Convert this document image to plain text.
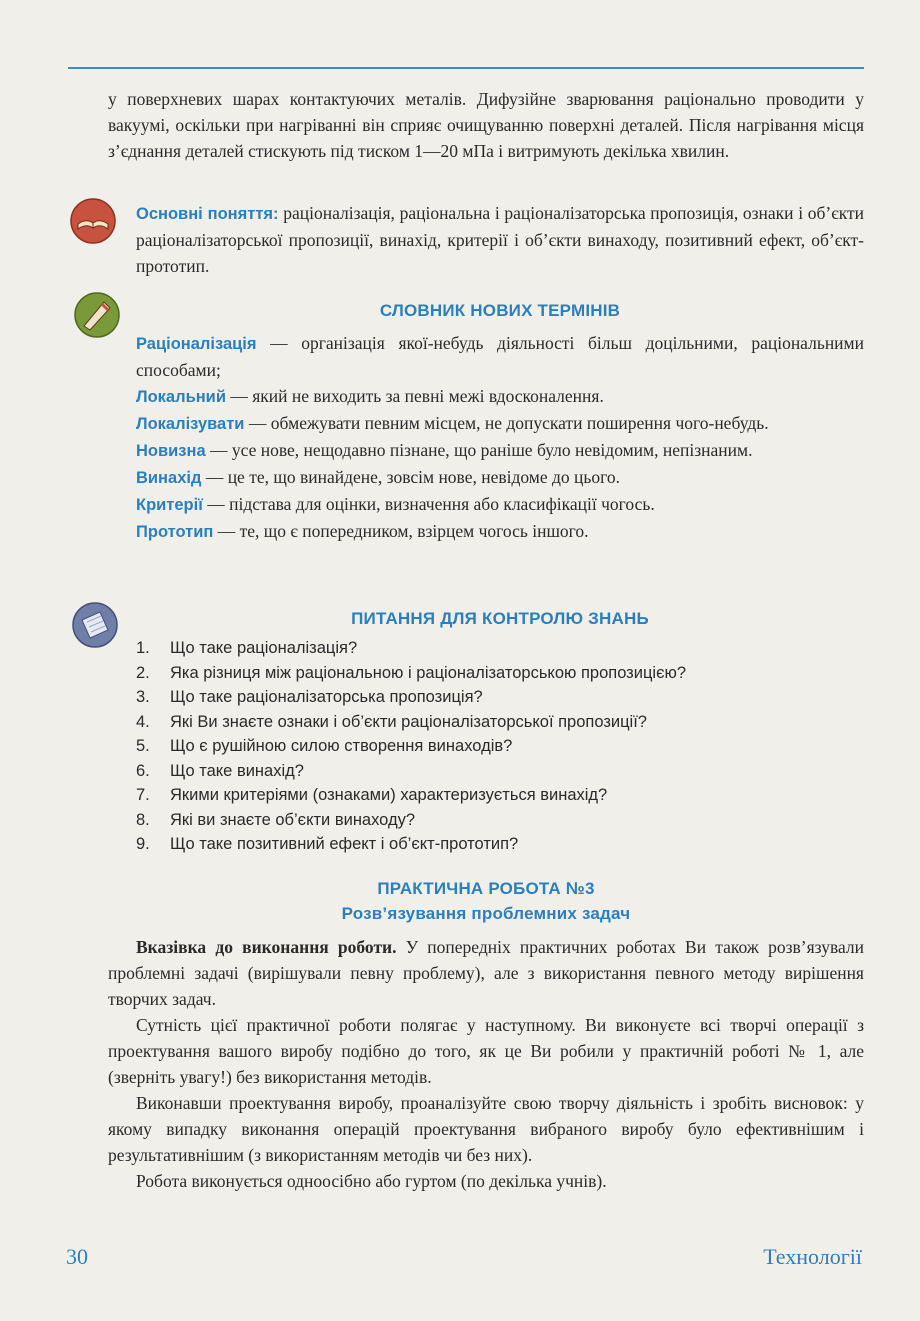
у поверхневих шарах контактуючих металів. Дифузійне зварювання раціонально проводити у вакуумі, оскільки при нагріванні він сприяє очищуванню поверхні деталей. Після нагрівання місця з’єднання деталей стискують під тиском 1—20 мПа і витримують декілька хвилин.

Основні поняття: раціоналізація, раціональна і раціоналізаторська пропозиція, ознаки і об’єкти раціоналізаторської пропозиції, винахід, критерії і об’єкти винаходу, позитивний ефект, об’єкт-прототип.

СЛОВНИК НОВИХ ТЕРМІНІВ

Раціоналізація — організація якої-небудь діяльності більш доцільними, раціональними способами;

Локальний — який не виходить за певні межі вдосконалення.

Локалізувати — обмежувати певним місцем, не допускати поширення чого-небудь.

Новизна — усе нове, нещодавно пізнане, що раніше було невідомим, непізнаним.

Винахід — це те, що винайдене, зовсім нове, невідоме до цього.

Критерії — підстава для оцінки, визначення або класифікації чогось.

Прототип — те, що є попередником, взірцем чогось іншого.

ПИТАННЯ ДЛЯ КОНТРОЛЮ ЗНАНЬ
1.	Що таке раціоналізація?
2.	Яка різниця між раціональною і раціоналізаторською пропозицією?
3.	Що таке раціоналізаторська пропозиція?
4.	Які Ви знаєте ознаки і об’єкти раціоналізаторської пропозиції?
5.	Що є рушійною силою створення винаходів?
6.	Що таке винахід?
7.	Якими критеріями (ознаками) характеризується винахід?
8.	Які ви знаєте об’єкти винаходу?
9.	Що таке позитивний ефект і об’єкт-прототип?
ПРАКТИЧНА РОБОТА №3
Розв’язування проблемних задач

Вказівка до виконання роботи. У попередніх практичних роботах Ви також розв’язували проблемні задачі (вирішували певну проблему), але з використання певного методу вирішення творчих задач.

Сутність цієї практичної роботи полягає у наступному. Ви виконуєте всі творчі операції з проектування вашого виробу подібно до того, як це Ви робили у практичній роботі № 1, але (зверніть увагу!) без використання методів.

Виконавши проектування виробу, проаналізуйте свою творчу діяльність і зробіть висновок: у якому випадку виконання операцій проектування вибраного виробу було ефективнішим і результативнішим (з використанням методів чи без них).

Робота виконується одноосібно або гуртом (по декілька учнів).

30	Технології
